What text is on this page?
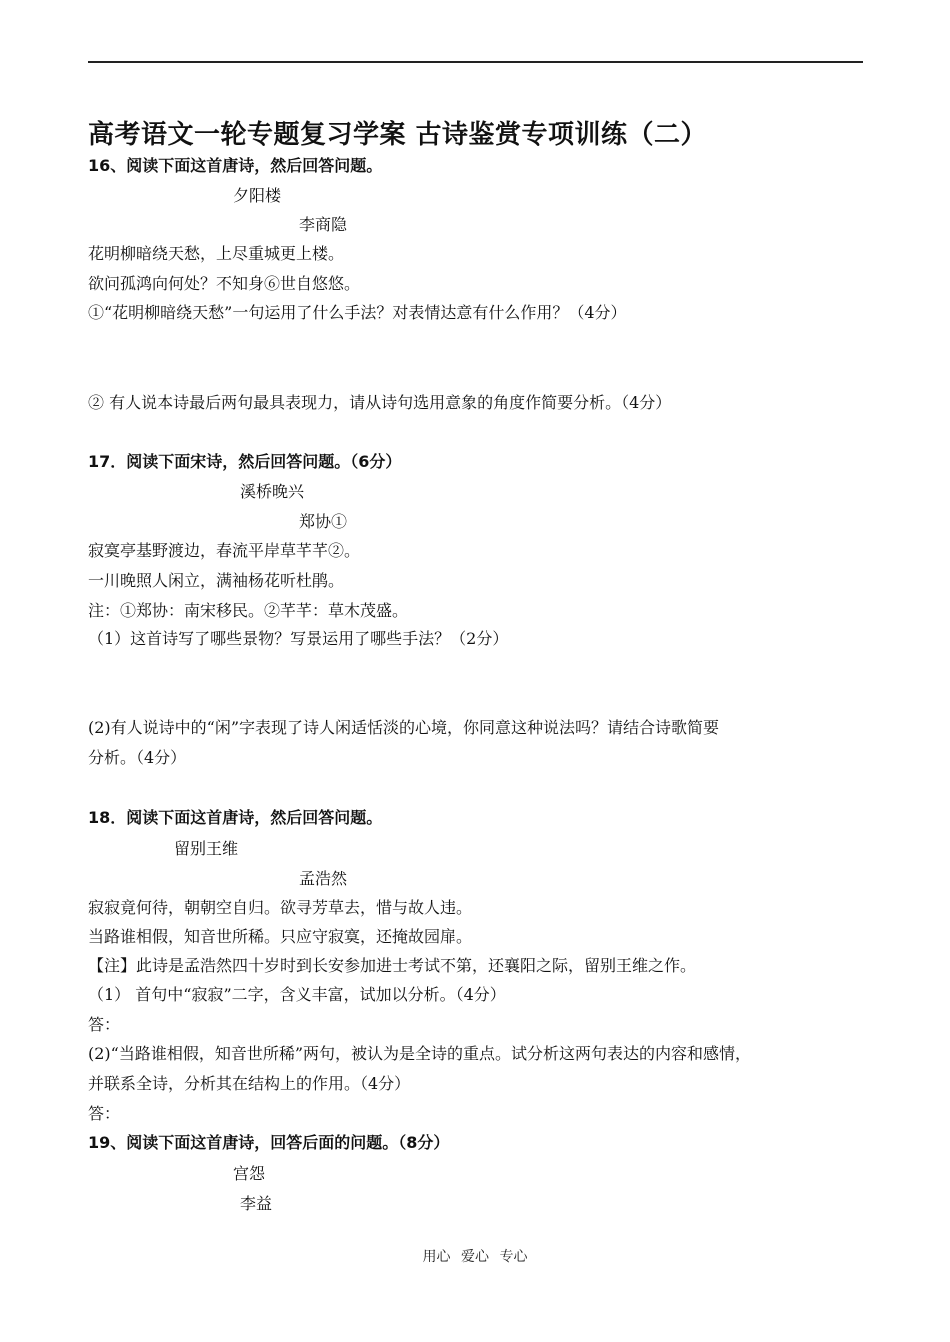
高考语文一轮专题复习学案 古诗鉴赏专项训练（二）
16、阅读下面这首唐诗，然后回答问题。
夕阳楼
李商隐
花明柳暗绕天愁，上尽重城更上楼。
欲问孤鸿向何处？不知身⑥世自悠悠。
①“花明柳暗绕天愁”一句运用了什么手法？对表情达意有什么作用？（4分）
② 有人说本诗最后两句最具表现力，请从诗句选用意象的角度作简要分析。（4分）
17．阅读下面宋诗，然后回答问题。（6分）
溪桥晚兴
郑协①
寂寞亭基野渡边，春流平岸草芊芊②。
一川晚照人闲立，满袖杨花听杜鹃。
注：①郑协：南宋移民。②芊芊：草木茂盛。
（1）这首诗写了哪些景物？写景运用了哪些手法？（2分）
(2)有人说诗中的“闲”字表现了诗人闲适恬淡的心境，你同意这种说法吗？请结合诗歌简要
分析。（4分）
18．阅读下面这首唐诗，然后回答问题。
留别王维
孟浩然
寂寂竟何待，朝朝空自归。欲寻芳草去，惜与故人违。
当路谁相假，知音世所稀。只应守寂寞，还掩故园扉。
【注】此诗是孟浩然四十岁时到长安参加进士考试不第，还襄阳之际，留别王维之作。
（1） 首句中“寂寂”二字，含义丰富，试加以分析。（4分）
答：
(2)“当路谁相假，知音世所稀”两句，被认为是全诗的重点。试分析这两句表达的内容和感情，
并联系全诗，分析其在结构上的作用。（4分）
答：
19、阅读下面这首唐诗，回答后面的问题。（8分）
宫怨
李益
用心 爱心 专心
